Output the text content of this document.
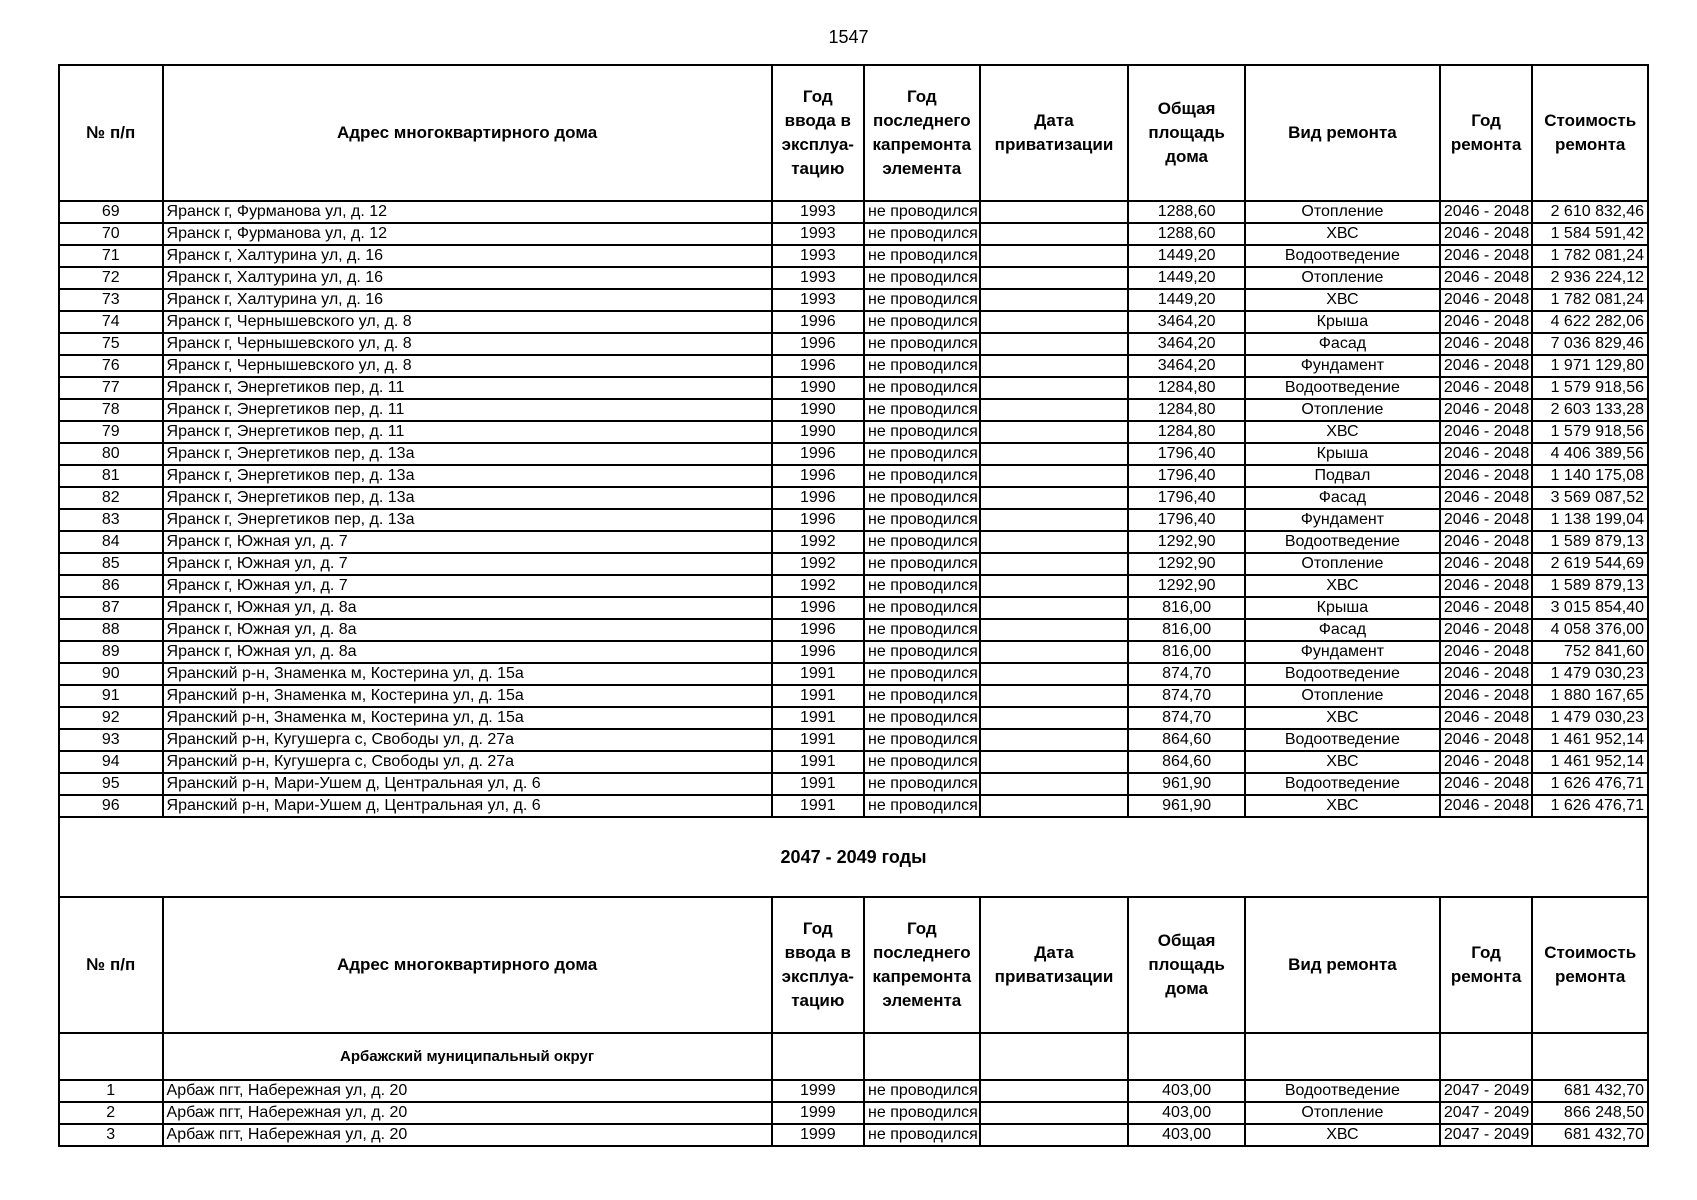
1547
№ п/п	Адрес многоквартирного дома	Год ввода в эксплуа-тацию	Год последнего капремонта элемента	Дата приватизации	Общая площадь дома	Вид ремонта	Год ремонта	Стоимость ремонта
69	Яранск г, Фурманова ул, д. 12	1993	не проводился		1288,60	Отопление	2046 - 2048	2 610 832,46
70	Яранск г, Фурманова ул, д. 12	1993	не проводился		1288,60	ХВС	2046 - 2048	1 584 591,42
71	Яранск г, Халтурина ул, д. 16	1993	не проводился		1449,20	Водоотведение	2046 - 2048	1 782 081,24
72	Яранск г, Халтурина ул, д. 16	1993	не проводился		1449,20	Отопление	2046 - 2048	2 936 224,12
73	Яранск г, Халтурина ул, д. 16	1993	не проводился		1449,20	ХВС	2046 - 2048	1 782 081,24
74	Яранск г, Чернышевского ул, д. 8	1996	не проводился		3464,20	Крыша	2046 - 2048	4 622 282,06
75	Яранск г, Чернышевского ул, д. 8	1996	не проводился		3464,20	Фасад	2046 - 2048	7 036 829,46
76	Яранск г, Чернышевского ул, д. 8	1996	не проводился		3464,20	Фундамент	2046 - 2048	1 971 129,80
77	Яранск г, Энергетиков пер, д. 11	1990	не проводился		1284,80	Водоотведение	2046 - 2048	1 579 918,56
78	Яранск г, Энергетиков пер, д. 11	1990	не проводился		1284,80	Отопление	2046 - 2048	2 603 133,28
79	Яранск г, Энергетиков пер, д. 11	1990	не проводился		1284,80	ХВС	2046 - 2048	1 579 918,56
80	Яранск г, Энергетиков пер, д. 13а	1996	не проводился		1796,40	Крыша	2046 - 2048	4 406 389,56
81	Яранск г, Энергетиков пер, д. 13а	1996	не проводился		1796,40	Подвал	2046 - 2048	1 140 175,08
82	Яранск г, Энергетиков пер, д. 13а	1996	не проводился		1796,40	Фасад	2046 - 2048	3 569 087,52
83	Яранск г, Энергетиков пер, д. 13а	1996	не проводился		1796,40	Фундамент	2046 - 2048	1 138 199,04
84	Яранск г, Южная ул, д. 7	1992	не проводился		1292,90	Водоотведение	2046 - 2048	1 589 879,13
85	Яранск г, Южная ул, д. 7	1992	не проводился		1292,90	Отопление	2046 - 2048	2 619 544,69
86	Яранск г, Южная ул, д. 7	1992	не проводился		1292,90	ХВС	2046 - 2048	1 589 879,13
87	Яранск г, Южная ул, д. 8а	1996	не проводился		816,00	Крыша	2046 - 2048	3 015 854,40
88	Яранск г, Южная ул, д. 8а	1996	не проводился		816,00	Фасад	2046 - 2048	4 058 376,00
89	Яранск г, Южная ул, д. 8а	1996	не проводился		816,00	Фундамент	2046 - 2048	752 841,60
90	Яранский р-н, Знаменка м, Костерина ул, д. 15а	1991	не проводился		874,70	Водоотведение	2046 - 2048	1 479 030,23
91	Яранский р-н, Знаменка м, Костерина ул, д. 15а	1991	не проводился		874,70	Отопление	2046 - 2048	1 880 167,65
92	Яранский р-н, Знаменка м, Костерина ул, д. 15а	1991	не проводился		874,70	ХВС	2046 - 2048	1 479 030,23
93	Яранский р-н, Кугушерга с, Свободы ул, д. 27а	1991	не проводился		864,60	Водоотведение	2046 - 2048	1 461 952,14
94	Яранский р-н, Кугушерга с, Свободы ул, д. 27а	1991	не проводился		864,60	ХВС	2046 - 2048	1 461 952,14
95	Яранский р-н, Мари-Ушем д, Центральная ул, д. 6	1991	не проводился		961,90	Водоотведение	2046 - 2048	1 626 476,71
96	Яранский р-н, Мари-Ушем д, Центральная ул, д. 6	1991	не проводился		961,90	ХВС	2046 - 2048	1 626 476,71
2047 - 2049 годы								
№ п/п	Адрес многоквартирного дома	Год ввода в эксплуа-тацию	Год последнего капремонта элемента	Дата приватизации	Общая площадь дома	Вид ремонта	Год ремонта	Стоимость ремонта
	Арбажский муниципальный округ							
1	Арбаж пгт, Набережная ул, д. 20	1999	не проводился		403,00	Водоотведение	2047 - 2049	681 432,70
2	Арбаж пгт, Набережная ул, д. 20	1999	не проводился		403,00	Отопление	2047 - 2049	866 248,50
3	Арбаж пгт, Набережная ул, д. 20	1999	не проводился		403,00	ХВС	2047 - 2049	681 432,70
